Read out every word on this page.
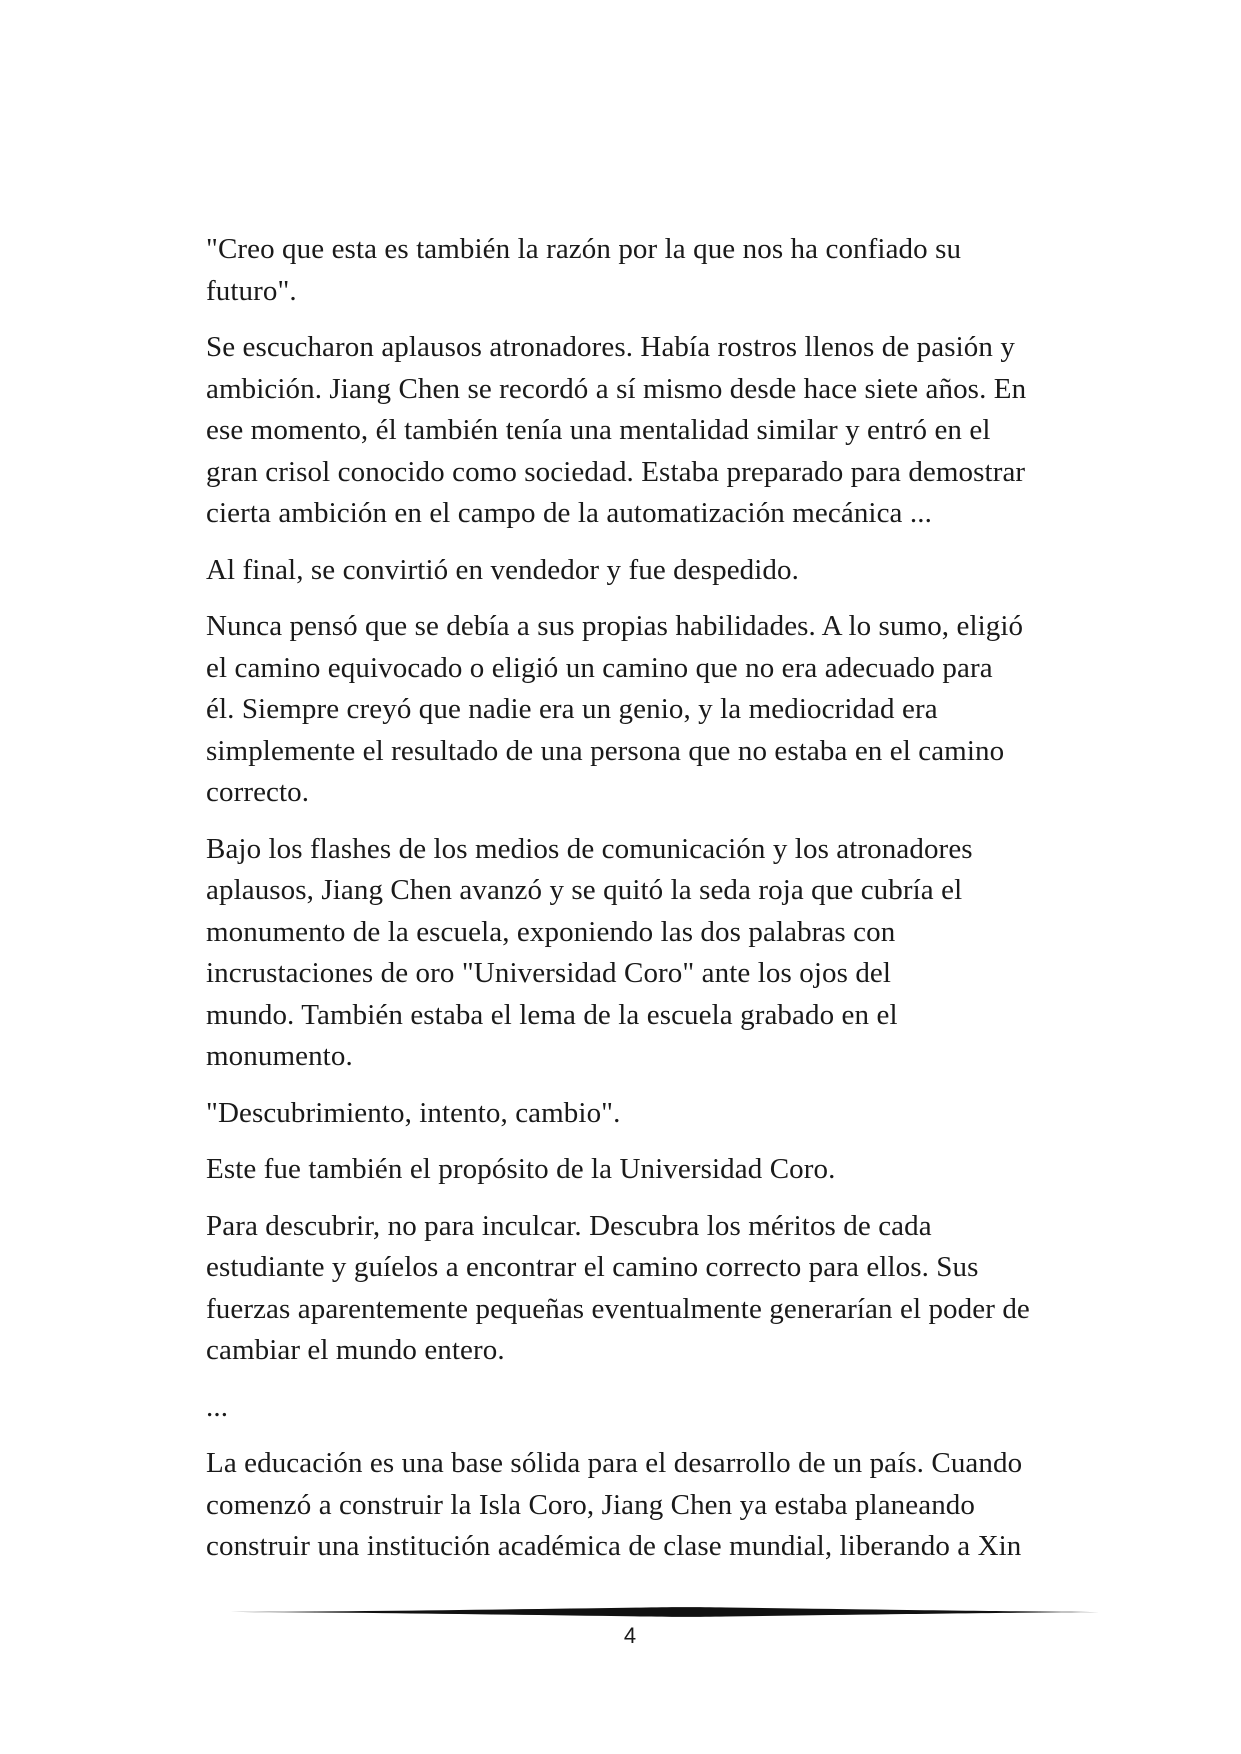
"Creo que esta es también la razón por la que nos ha confiado su
futuro".

Se escucharon aplausos atronadores. Había rostros llenos de pasión y
ambición. Jiang Chen se recordó a sí mismo desde hace siete años. En
ese momento, él también tenía una mentalidad similar y entró en el
gran crisol conocido como sociedad. Estaba preparado para demostrar
cierta ambición en el campo de la automatización mecánica ...

Al final, se convirtió en vendedor y fue despedido.

Nunca pensó que se debía a sus propias habilidades. A lo sumo, eligió
el camino equivocado o eligió un camino que no era adecuado para
él. Siempre creyó que nadie era un genio, y la mediocridad era
simplemente el resultado de una persona que no estaba en el camino
correcto.

Bajo los flashes de los medios de comunicación y los atronadores
aplausos, Jiang Chen avanzó y se quitó la seda roja que cubría el
monumento de la escuela, exponiendo las dos palabras con
incrustaciones de oro "Universidad Coro" ante los ojos del
mundo. También estaba el lema de la escuela grabado en el
monumento.

"Descubrimiento, intento, cambio".

Este fue también el propósito de la Universidad Coro.

Para descubrir, no para inculcar. Descubra los méritos de cada
estudiante y guíelos a encontrar el camino correcto para ellos. Sus
fuerzas aparentemente pequeñas eventualmente generarían el poder de
cambiar el mundo entero.

...

La educación es una base sólida para el desarrollo de un país. Cuando
comenzó a construir la Isla Coro, Jiang Chen ya estaba planeando
construir una institución académica de clase mundial, liberando a Xin

4
